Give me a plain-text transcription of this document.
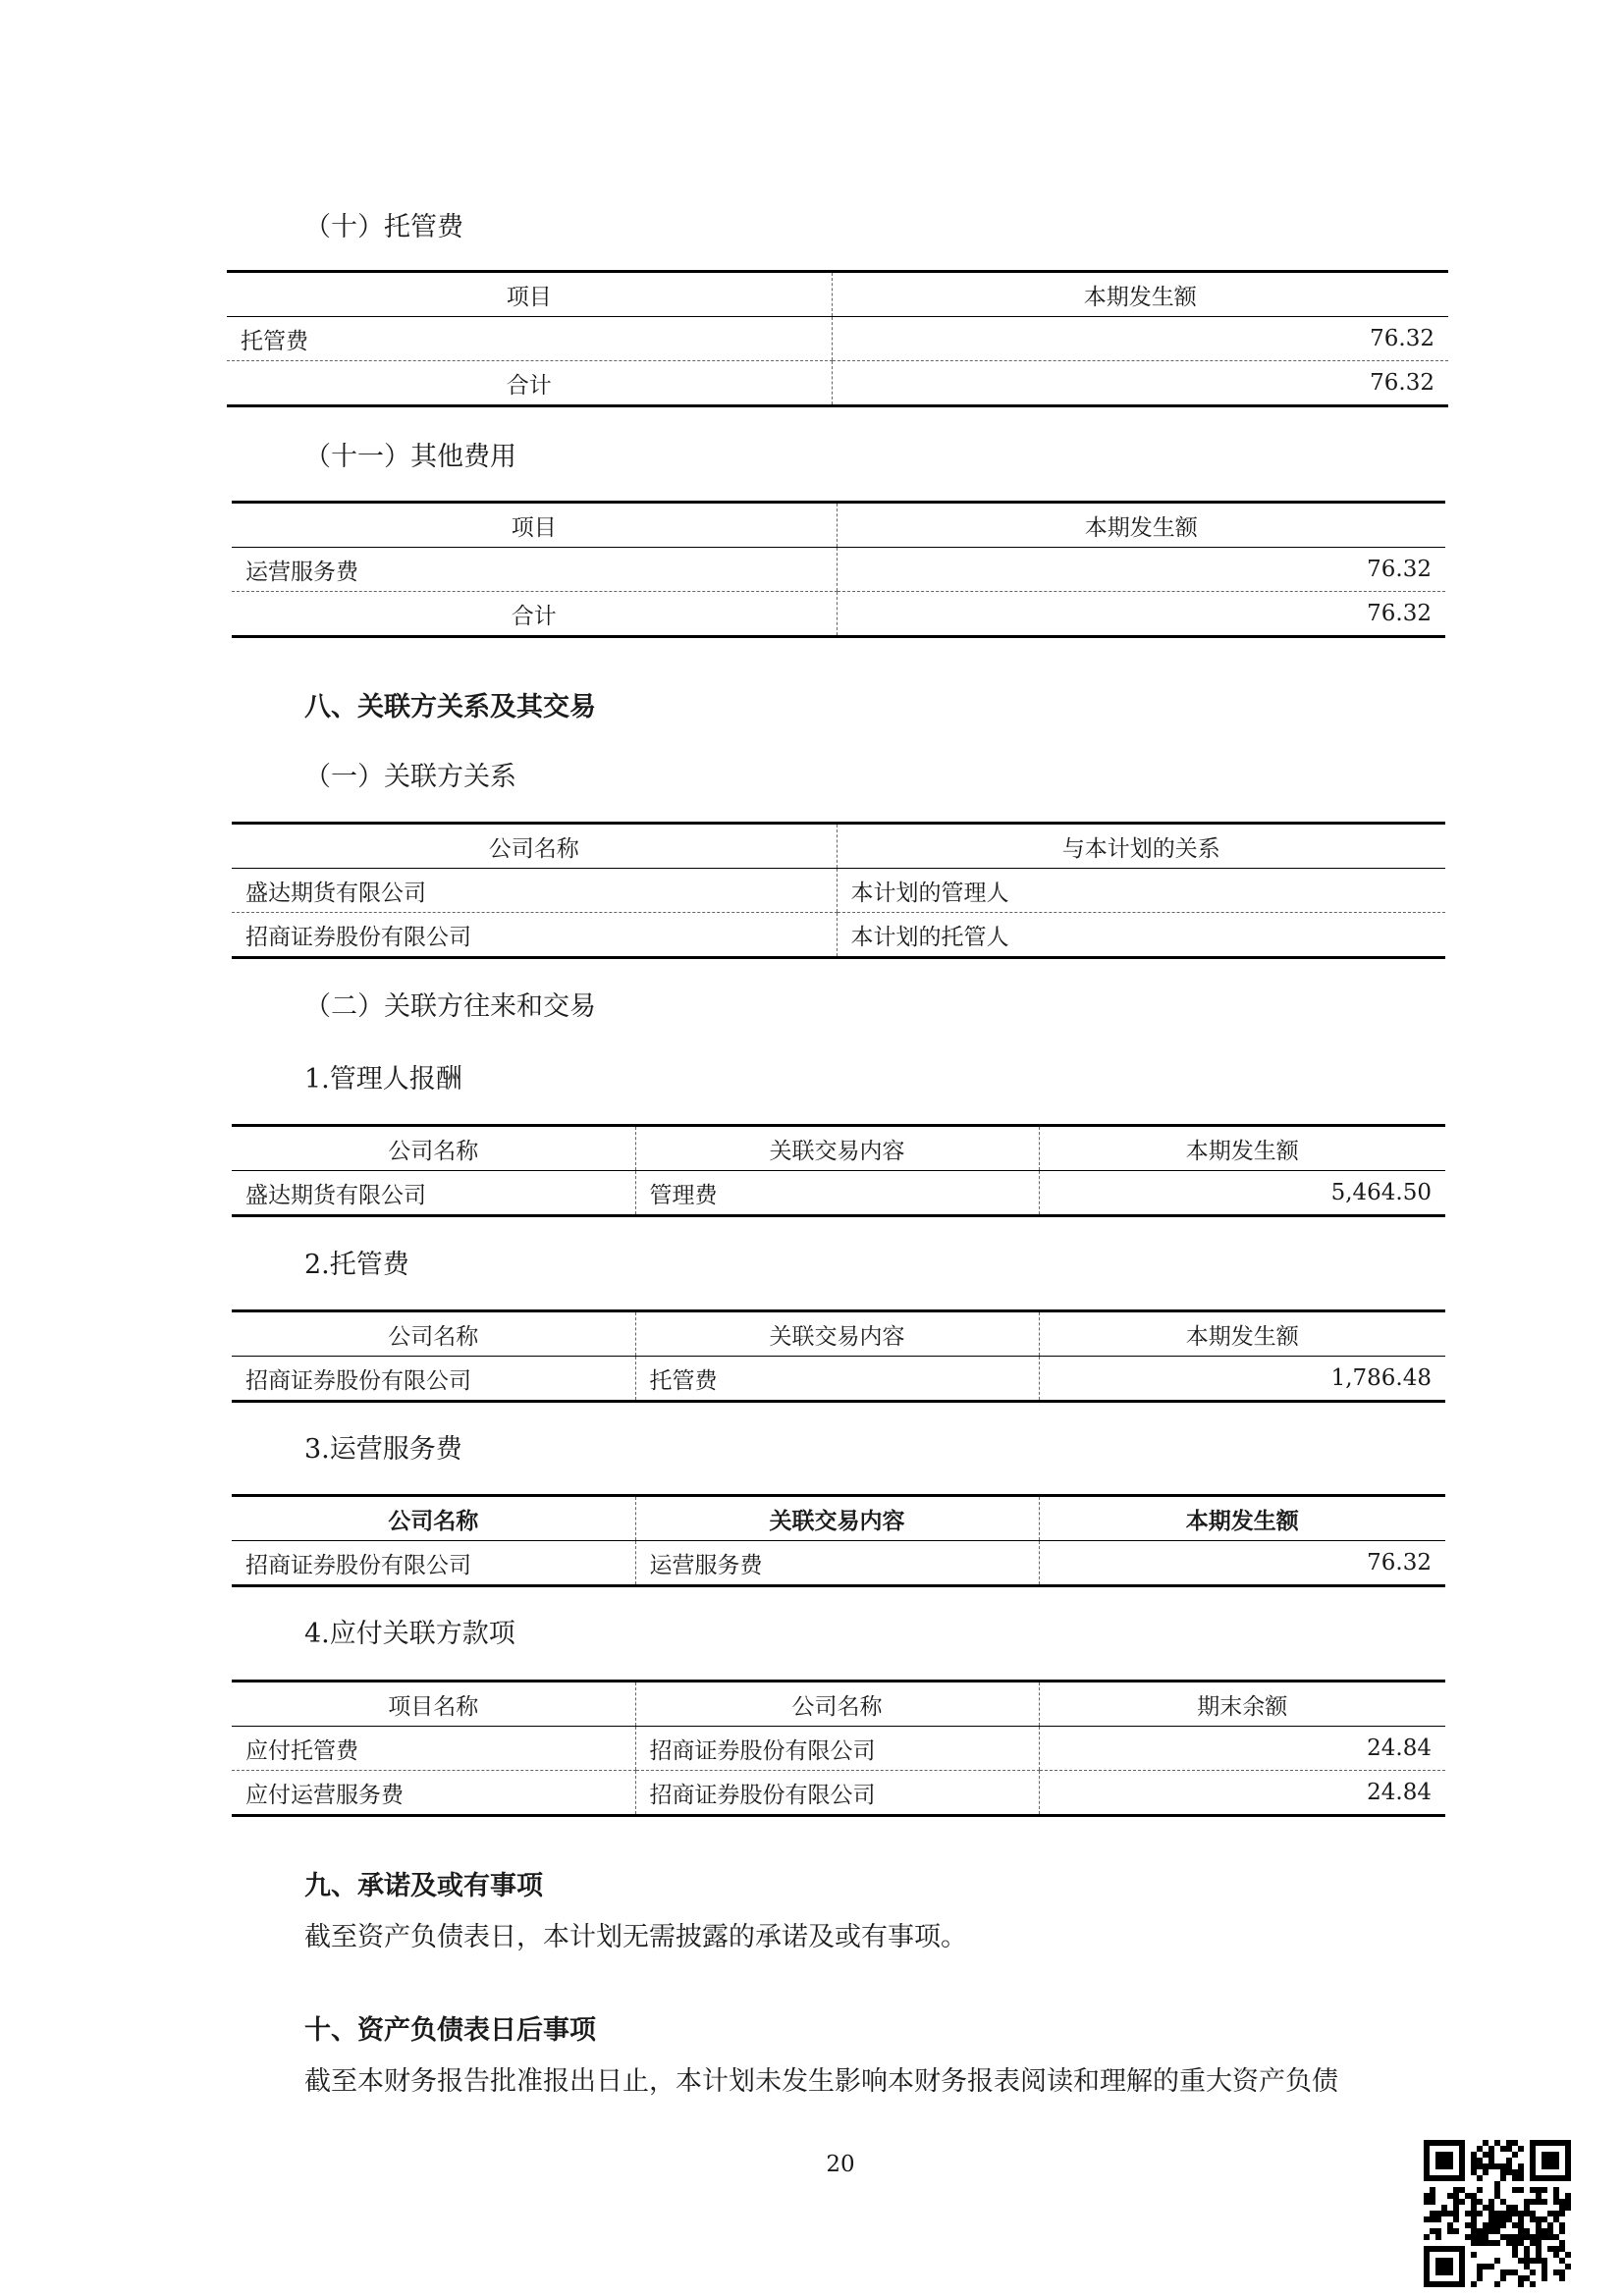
（十）托管费
项目	本期发生额
托管费	76.32
合计	76.32
（十一）其他费用
项目	本期发生额
运营服务费	76.32
合计	76.32
八、关联方关系及其交易
（一）关联方关系
公司名称	与本计划的关系
盛达期货有限公司	本计划的管理人
招商证券股份有限公司	本计划的托管人
（二）关联方往来和交易
1.管理人报酬
公司名称	关联交易内容	本期发生额
盛达期货有限公司	管理费	5,464.50
2.托管费
公司名称	关联交易内容	本期发生额
招商证券股份有限公司	托管费	1,786.48
3.运营服务费
公司名称	关联交易内容	本期发生额
招商证券股份有限公司	运营服务费	76.32
4.应付关联方款项
项目名称	公司名称	期末余额
应付托管费	招商证券股份有限公司	24.84
应付运营服务费	招商证券股份有限公司	24.84
九、承诺及或有事项
截至资产负债表日，本计划无需披露的承诺及或有事项。
十、资产负债表日后事项
截至本财务报告批准报出日止，本计划未发生影响本财务报表阅读和理解的重大资产负债
20
